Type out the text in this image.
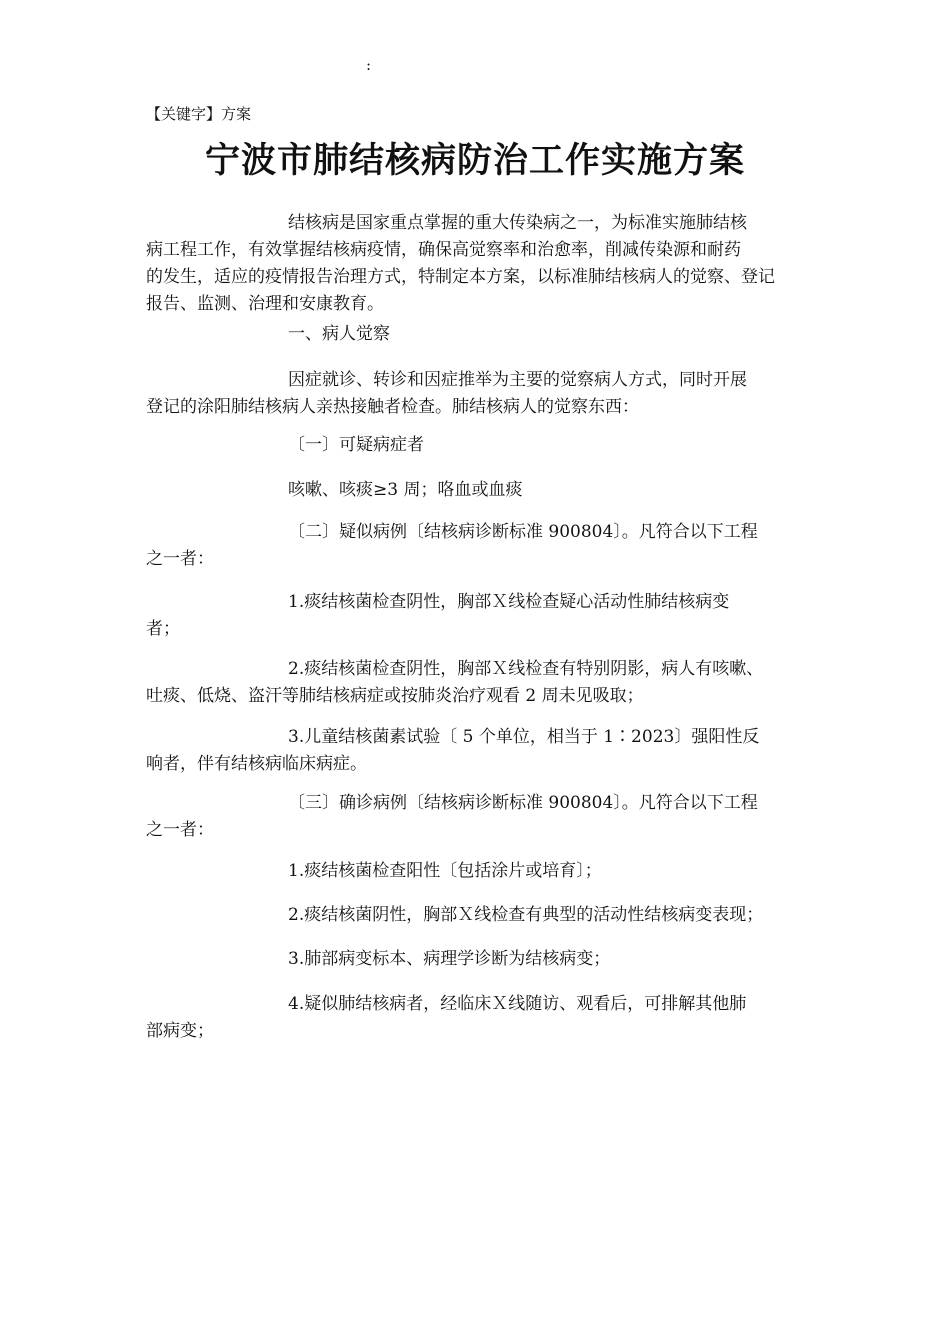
:
【关键字】方案
宁波市肺结核病防治工作实施方案
结核病是国家重点掌握的重大传染病之一，为标准实施肺结核
病工程工作，有效掌握结核病疫情，确保高觉察率和治愈率，削减传染源和耐药
的发生，适应的疫情报告治理方式，特制定本方案，以标准肺结核病人的觉察、登记
报告、监测、治理和安康教育。
一、病人觉察
因症就诊、转诊和因症推举为主要的觉察病人方式，同时开展
登记的涂阳肺结核病人亲热接触者检查。肺结核病人的觉察东西：
〔一〕可疑病症者
咳嗽、咳痰≥3 周；咯血或血痰
〔二〕疑似病例〔结核病诊断标准 900804〕。凡符合以下工程
之一者：
1.痰结核菌检查阴性，胸部Ｘ线检查疑心活动性肺结核病变
者；
2.痰结核菌检查阴性，胸部Ｘ线检查有特别阴影，病人有咳嗽、
吐痰、低烧、盗汗等肺结核病症或按肺炎治疗观看 2 周未见吸取；
3.儿童结核菌素试验〔 5 个单位，相当于 1∶2023〕强阳性反
响者，伴有结核病临床病症。
〔三〕确诊病例〔结核病诊断标准 900804〕。凡符合以下工程
之一者：
1.痰结核菌检查阳性〔包括涂片或培育〕；
2.痰结核菌阴性，胸部Ｘ线检查有典型的活动性结核病变表现；
3.肺部病变标本、病理学诊断为结核病变；
4.疑似肺结核病者，经临床Ｘ线随访、观看后，可排解其他肺
部病变；
